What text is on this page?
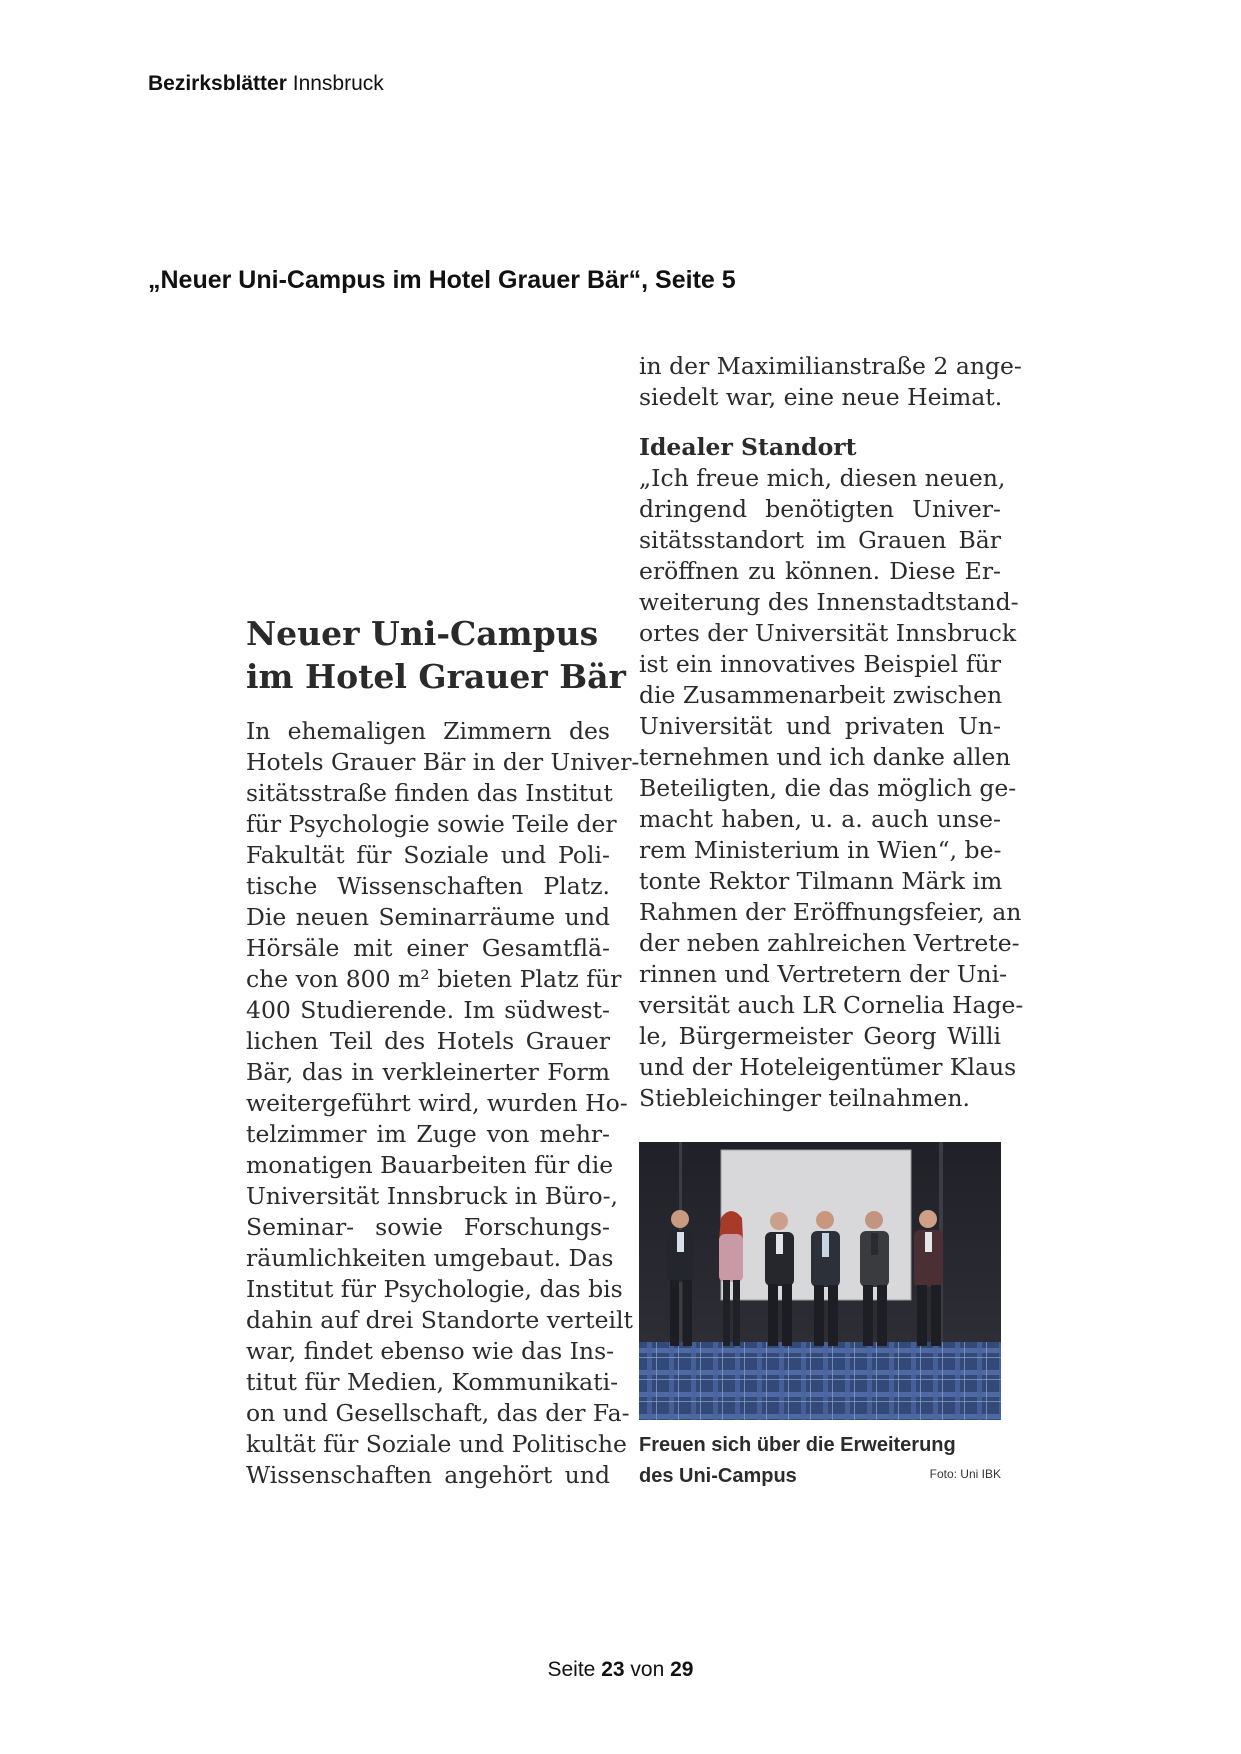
Bezirksblätter Innsbruck
„Neuer Uni-Campus im Hotel Grauer Bär“, Seite 5
Neuer Uni-Campus
im Hotel Grauer Bär
In ehemaligen Zimmern des
Hotels Grauer Bär in der Univer-
sitätsstraße finden das Institut
für Psychologie sowie Teile der
Fakultät für Soziale und Poli-
tische Wissenschaften Platz.
Die neuen Seminarräume und
Hörsäle mit einer Gesamtflä-
che von 800 m² bieten Platz für
400 Studierende. Im südwest-
lichen Teil des Hotels Grauer
Bär, das in verkleinerter Form
weitergeführt wird, wurden Ho-
telzimmer im Zuge von mehr-
monatigen Bauarbeiten für die
Universität Innsbruck in Büro-,
Seminar- sowie Forschungs-
räumlichkeiten umgebaut. Das
Institut für Psychologie, das bis
dahin auf drei Standorte verteilt
war, findet ebenso wie das Ins-
titut für Medien, Kommunikati-
on und Gesellschaft, das der Fa-
kultät für Soziale und Politische
Wissenschaften angehört und
in der Maximilianstraße 2 ange-
siedelt war, eine neue Heimat.
Idealer Standort
„Ich freue mich, diesen neuen,
dringend benötigten Univer-
sitätsstandort im Grauen Bär
eröffnen zu können. Diese Er-
weiterung des Innenstadtstand-
ortes der Universität Innsbruck
ist ein innovatives Beispiel für
die Zusammenarbeit zwischen
Universität und privaten Un-
ternehmen und ich danke allen
Beteiligten, die das möglich ge-
macht haben, u. a. auch unse-
rem Ministerium in Wien“, be-
tonte Rektor Tilmann Märk im
Rahmen der Eröffnungsfeier, an
der neben zahlreichen Vertrete-
rinnen und Vertretern der Uni-
versität auch LR Cornelia Hage-
le, Bürgermeister Georg Willi
und der Hoteleigentümer Klaus
Stiebleichinger teilnahmen.
Freuen sich über die Erweiterung
des Uni-Campus	Foto: Uni IBK
Seite 23 von 29
